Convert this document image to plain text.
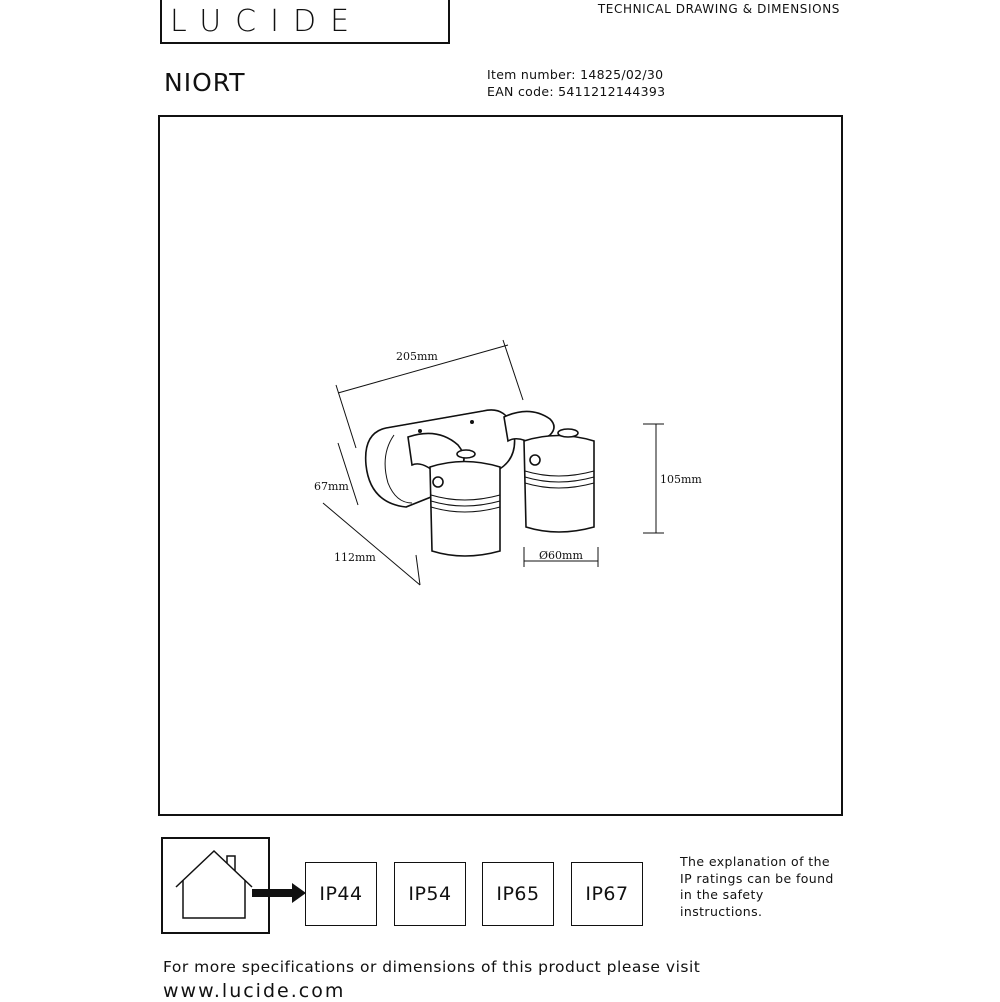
LUCIDE	TECHNICAL DRAWING & DIMENSIONS
NIORT	Item number: 14825/02/30
EAN code: 5411212144393
205mm
67mm
112mm
105mm
Ø60mm
IP44	IP54	IP65	IP67
The explanation of the IP ratings can be found in the safety instructions.
For more specifications or dimensions of this product please visit
www.lucide.com
